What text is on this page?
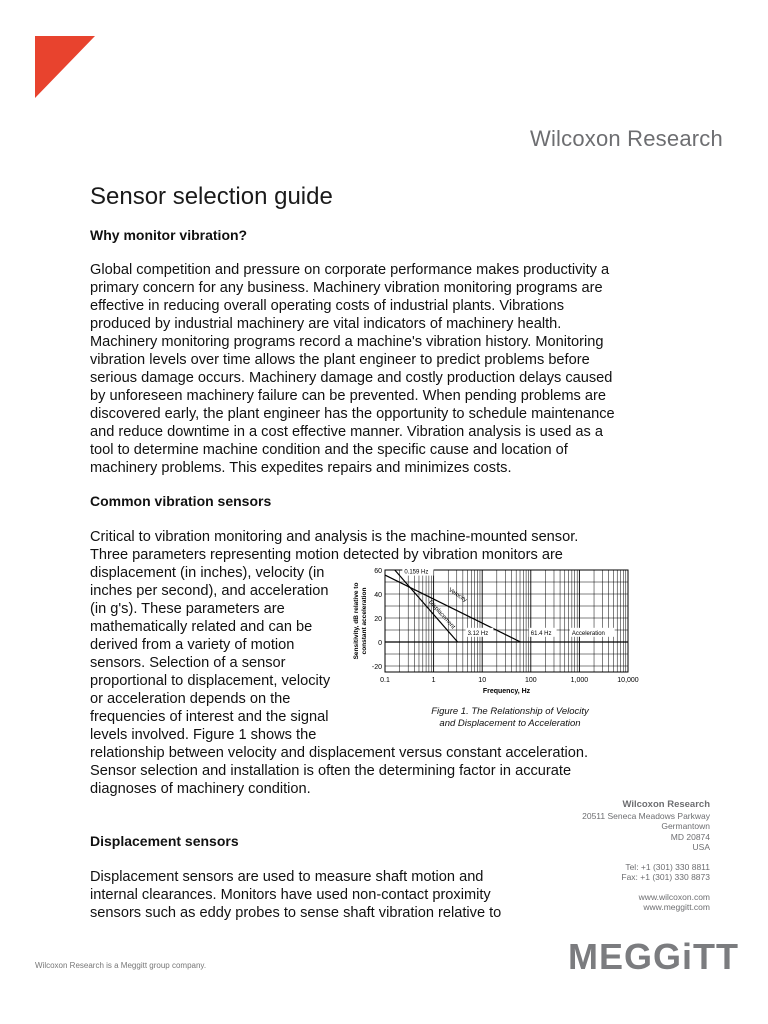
Wilcoxon Research
Sensor selection guide
Why monitor vibration?
Global competition and pressure on corporate performance makes productivity a
primary concern for any business. Machinery vibration monitoring programs are
effective in reducing overall operating costs of industrial plants. Vibrations
produced by industrial machinery are vital indicators of machinery health.
Machinery monitoring programs record a machine's vibration history. Monitoring
vibration levels over time allows the plant engineer to predict problems before
serious damage occurs. Machinery damage and costly production delays caused
by unforeseen machinery failure can be prevented. When pending problems are
discovered early, the plant engineer has the opportunity to schedule maintenance
and reduce downtime in a cost effective manner. Vibration analysis is used as a
tool to determine machine condition and the specific cause and location of
machinery problems. This expedites repairs and minimizes costs.
Common vibration sensors
Critical to vibration monitoring and analysis is the machine-mounted sensor.
Three parameters representing motion detected by vibration monitors are
displacement (in inches), velocity (in
inches per second), and acceleration
(in g's). These parameters are
mathematically related and can be
derived from a variety of motion
sensors. Selection of a sensor
proportional to displacement, velocity
or acceleration depends on the
frequencies of interest and the signal
levels involved. Figure 1 shows the
relationship between velocity and displacement versus constant acceleration.
Sensor selection and installation is often the determining factor in accurate
diagnoses of machinery condition.
60
40
20
0
-20
0.1	1	10	100	1,000	10,000
Frequency, Hz
Sensitivity, dB relative to constant acceleration
0.159 Hz
3.12 Hz	61.4 Hz	Acceleration
Velocity
Displacement
Figure 1. The Relationship of Velocity
and Displacement to Acceleration
Displacement sensors
Displacement sensors are used to measure shaft motion and
internal clearances. Monitors have used non-contact proximity
sensors such as eddy probes to sense shaft vibration relative to
Wilcoxon Research
20511 Seneca Meadows Parkway
Germantown
MD 20874
USA
Tel: +1 (301) 330 8811
Fax: +1 (301) 330 8873
www.wilcoxon.com
www.meggitt.com
MEGGiTT
Wilcoxon Research is a Meggitt group company.
